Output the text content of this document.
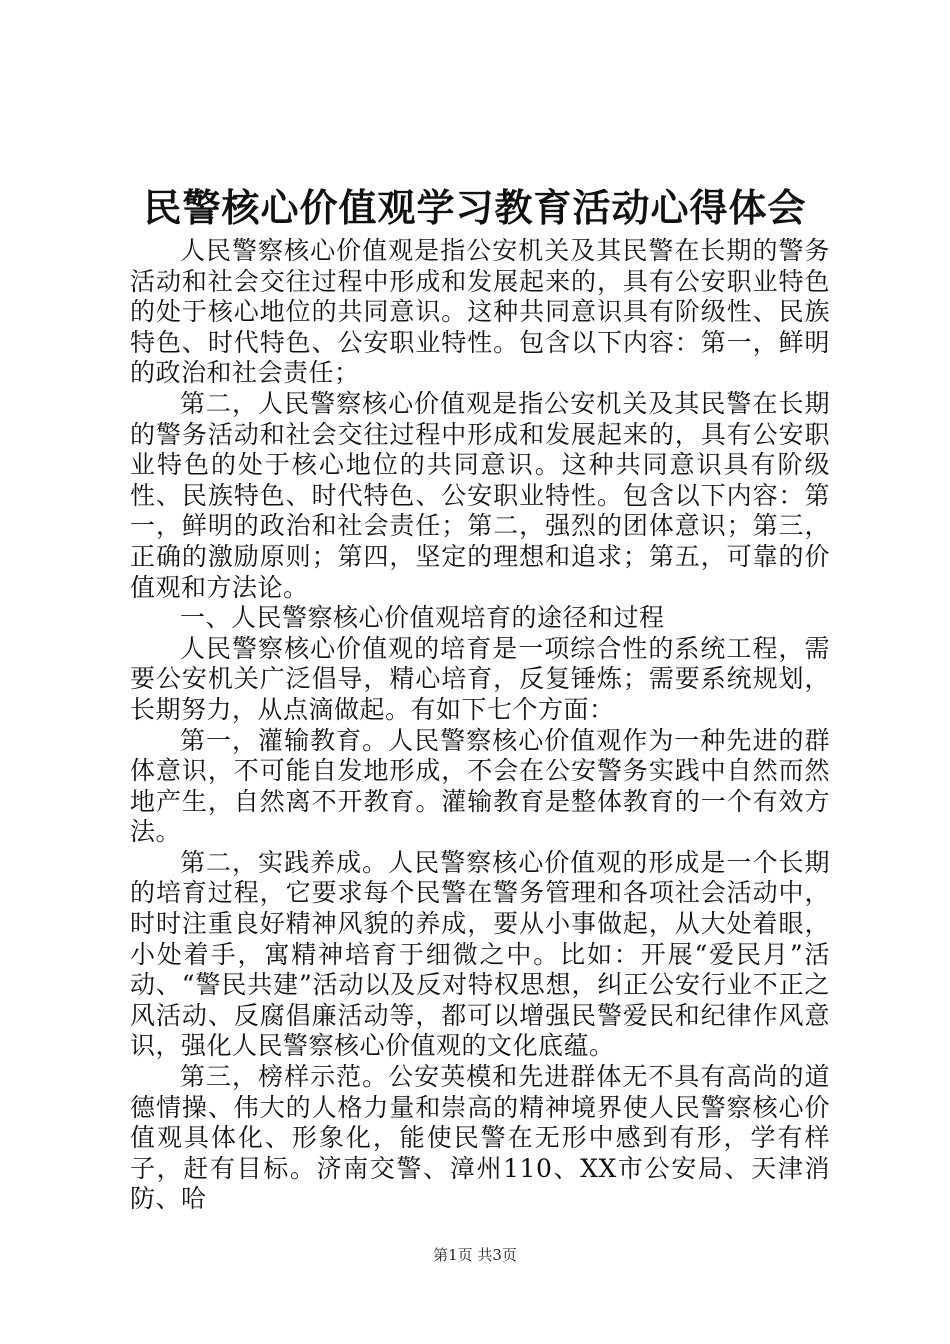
民警核心价值观学习教育活动心得体会

人民警察核心价值观是指公安机关及其民警在长期的警务活动和社会交往过程中形成和发展起来的，具有公安职业特色的处于核心地位的共同意识。这种共同意识具有阶级性、民族特色、时代特色、公安职业特性。包含以下内容：第一，鲜明的政治和社会责任；

第二，人民警察核心价值观是指公安机关及其民警在长期的警务活动和社会交往过程中形成和发展起来的，具有公安职业特色的处于核心地位的共同意识。这种共同意识具有阶级性、民族特色、时代特色、公安职业特性。包含以下内容：第一，鲜明的政治和社会责任；第二，强烈的团体意识；第三，正确的激励原则；第四，坚定的理想和追求；第五，可靠的价值观和方法论。

一、人民警察核心价值观培育的途径和过程

人民警察核心价值观的培育是一项综合性的系统工程，需要公安机关广泛倡导，精心培育，反复锤炼；需要系统规划，长期努力，从点滴做起。有如下七个方面：

第一，灌输教育。人民警察核心价值观作为一种先进的群体意识，不可能自发地形成，不会在公安警务实践中自然而然地产生，自然离不开教育。灌输教育是整体教育的一个有效方法。

第二，实践养成。人民警察核心价值观的形成是一个长期的培育过程，它要求每个民警在警务管理和各项社会活动中，时时注重良好精神风貌的养成，要从小事做起，从大处着眼，小处着手，寓精神培育于细微之中。比如：开展“爱民月”活动、“警民共建”活动以及反对特权思想，纠正公安行业不正之风活动、反腐倡廉活动等，都可以增强民警爱民和纪律作风意识，强化人民警察核心价值观的文化底蕴。

第三，榜样示范。公安英模和先进群体无不具有高尚的道德情操、伟大的人格力量和崇高的精神境界使人民警察核心价值观具体化、形象化，能使民警在无形中感到有形，学有样子，赶有目标。济南交警、漳州110、XX市公安局、天津消防、哈

第1页 共3页
